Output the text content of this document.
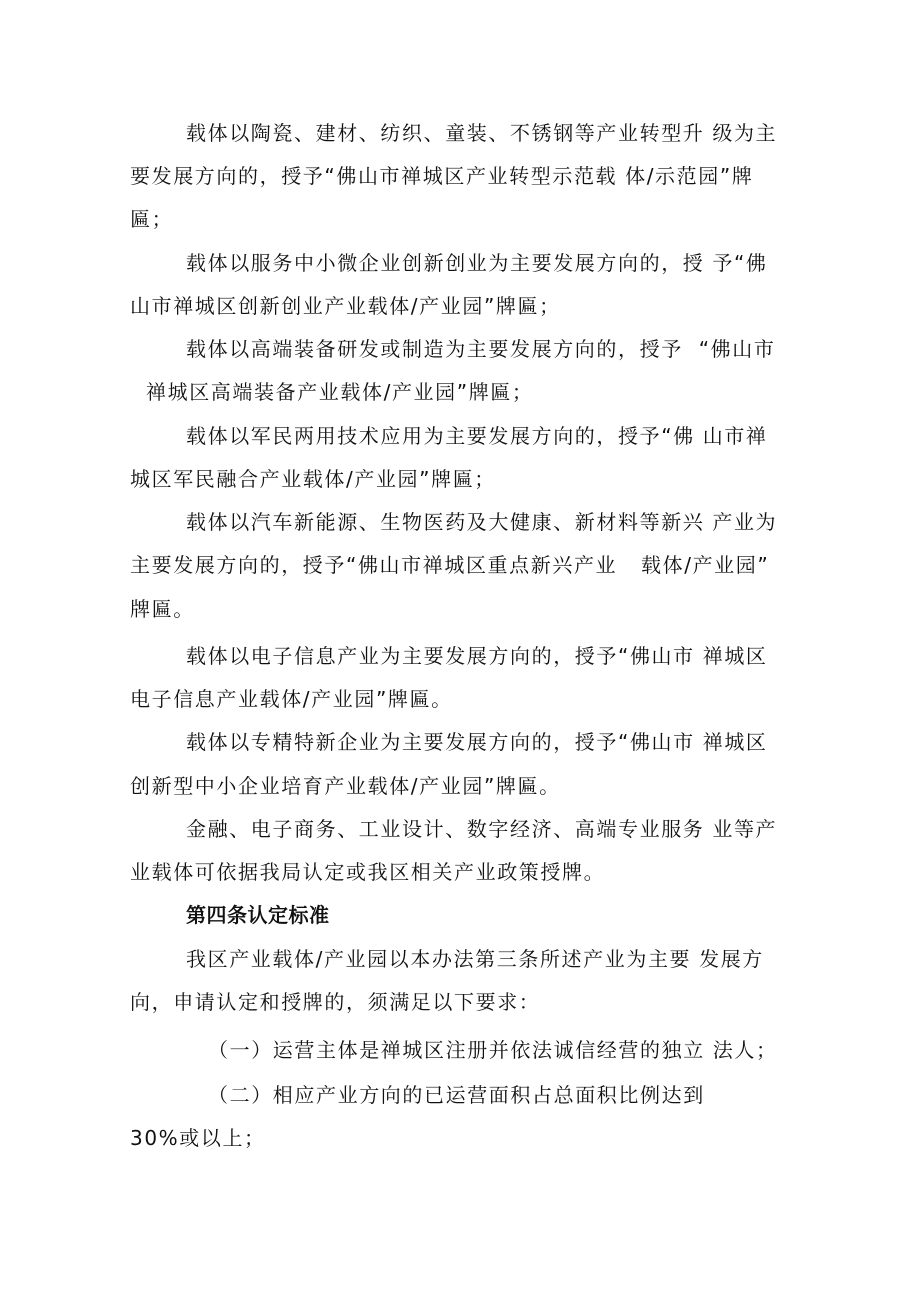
载体以陶瓷、建材、纺织、童装、不锈钢等产业转型升 级为主
要发展方向的，授予“佛山市禅城区产业转型示范载 体/示范园”牌
匾；
载体以服务中小微企业创新创业为主要发展方向的，授 予“佛
山市禅城区创新创业产业载体/产业园”牌匾；
载体以高端装备研发或制造为主要发展方向的，授予  “佛山市
禅城区高端装备产业载体/产业园”牌匾；
载体以军民两用技术应用为主要发展方向的，授予“佛 山市禅
城区军民融合产业载体/产业园”牌匾；
载体以汽车新能源、生物医药及大健康、新材料等新兴 产业为
主要发展方向的，授予“佛山市禅城区重点新兴产业   载体/产业园”
牌匾。
载体以电子信息产业为主要发展方向的，授予“佛山市 禅城区
电子信息产业载体/产业园”牌匾。
载体以专精特新企业为主要发展方向的，授予“佛山市 禅城区
创新型中小企业培育产业载体/产业园”牌匾。
金融、电子商务、工业设计、数字经济、高端专业服务 业等产
业载体可依据我局认定或我区相关产业政策授牌。
第四条认定标准
我区产业载体/产业园以本办法第三条所述产业为主要 发展方
向，申请认定和授牌的，须满足以下要求：
（一）运营主体是禅城区注册并依法诚信经营的独立 法人；
（二）相应产业方向的已运营面积占总面积比例达到
30%或以上；
